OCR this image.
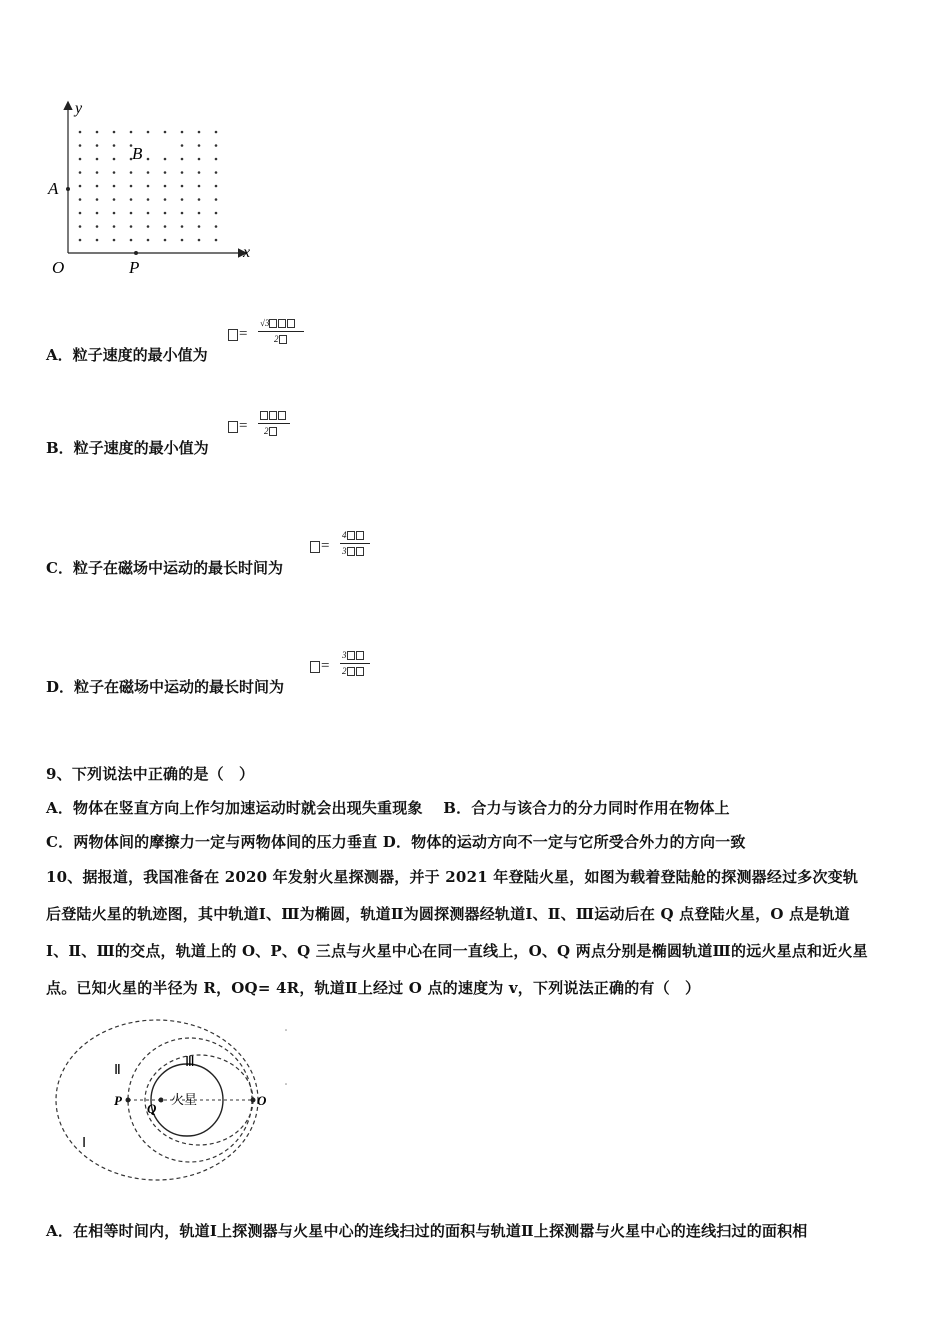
y
x
O
A
B
P
A．粒子速度的最小值为
=
√3
2
B．粒子速度的最小值为
= 2
C．粒子在磁场中运动的最长时间为
=
4
3
D．粒子在磁场中运动的最长时间为
=
3
2
9、下列说法中正确的是（　）
A．物体在竖直方向上作匀加速运动时就会出现失重现象　 B．合力与该合力的分力同时作用在物体上
C．两物体间的摩擦力一定与两物体间的压力垂直 D．物体的运动方向不一定与它所受合外力的方向一致
10、据报道，我国准备在 2020 年发射火星探测器，并于 2021 年登陆火星，如图为载着登陆舱的探测器经过多次变轨
后登陆火星的轨迹图，其中轨道Ⅰ、Ⅲ为椭圆，轨道Ⅱ为圆探测器经轨道Ⅰ、Ⅱ、Ⅲ运动后在 Q 点登陆火星，O 点是轨道
Ⅰ、Ⅱ、Ⅲ的交点，轨道上的 O、P、Q 三点与火星中心在同一直线上，O、Q 两点分别是椭圆轨道Ⅲ的远火星点和近火星
点。已知火星的半径为 R，OQ= 4R，轨道Ⅱ上经过 O 点的速度为 v，下列说法正确的有（　）
Ⅰ
Ⅱ
Ⅲ
P
Q
O
火星
A．在相等时间内，轨道Ⅰ上探测器与火星中心的连线扫过的面积与轨道Ⅱ上探测嚣与火星中心的连线扫过的面积相
